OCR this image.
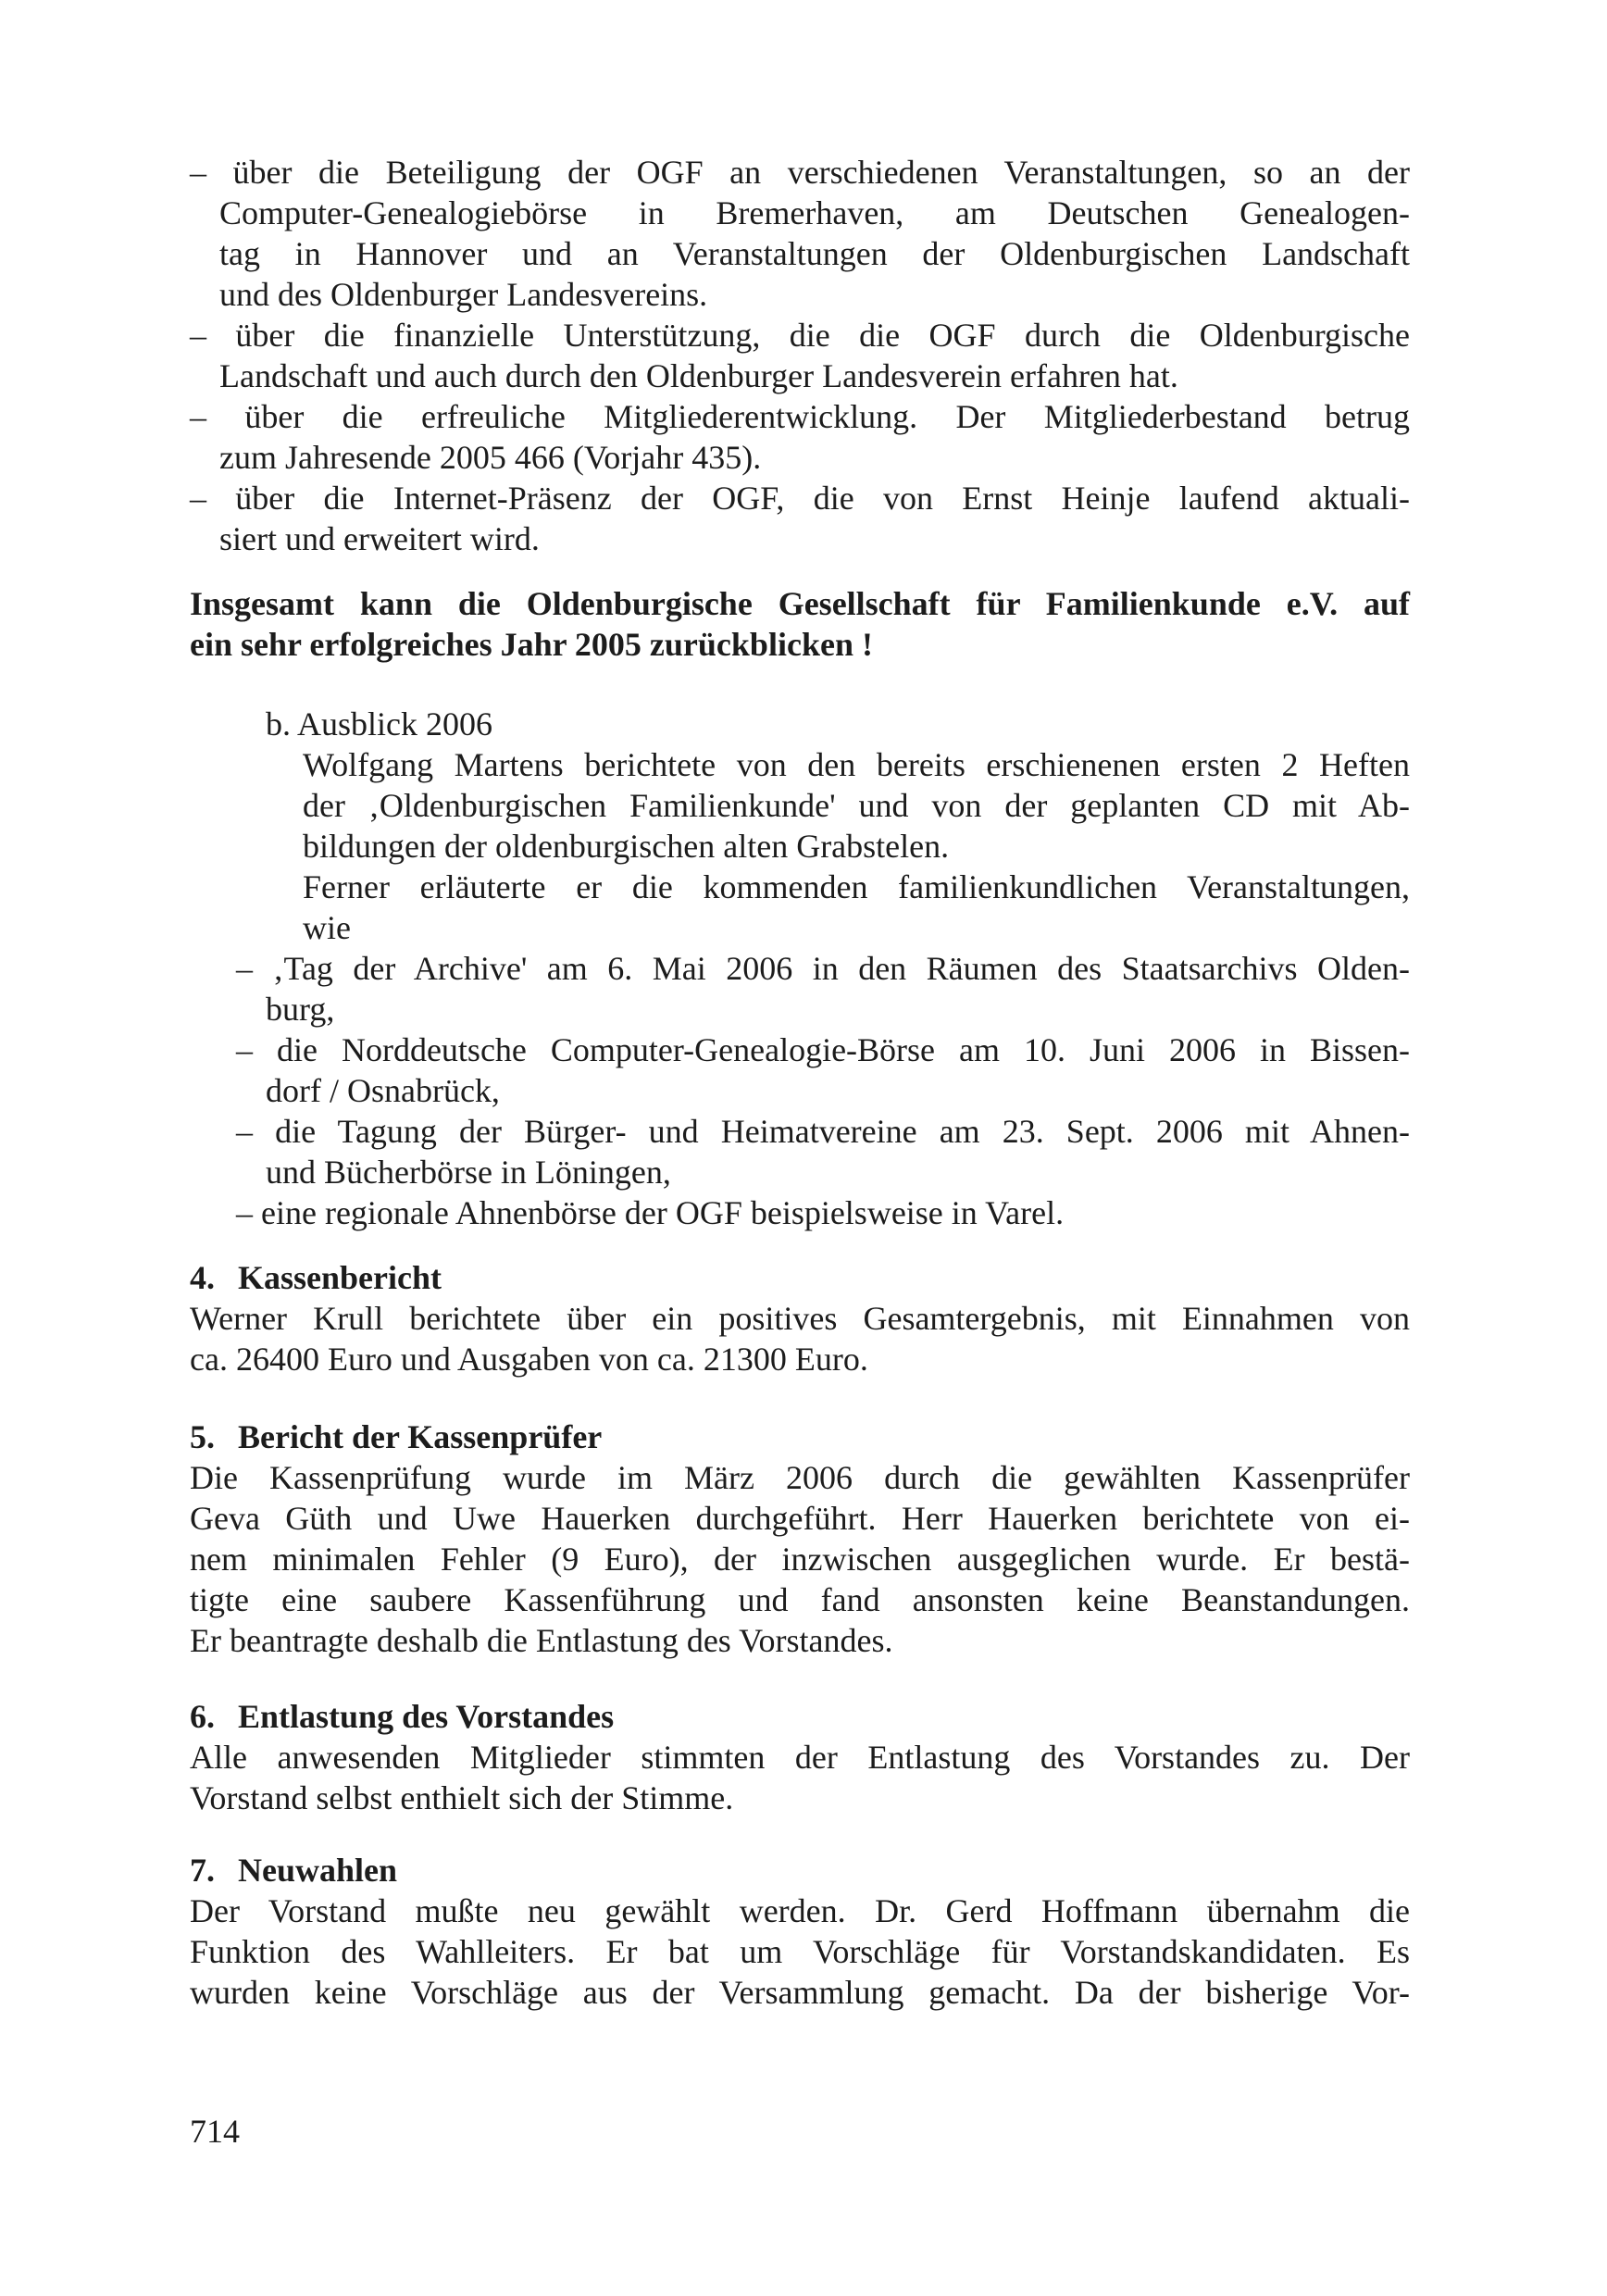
– über die Beteiligung der OGF an verschiedenen Veranstaltungen, so an der
Computer-Genealogiebörse in Bremerhaven, am Deutschen Genealogen-
tag in Hannover und an Veranstaltungen der Oldenburgischen Landschaft
und des Oldenburger Landesvereins.
– über die finanzielle Unterstützung, die die OGF durch die Oldenburgische
Landschaft und auch durch den Oldenburger Landesverein erfahren hat.
– über die erfreuliche Mitgliederentwicklung. Der Mitgliederbestand betrug
zum Jahresende 2005 466 (Vorjahr 435).
– über die Internet-Präsenz der OGF, die von Ernst Heinje laufend aktuali-
siert und erweitert wird.
Insgesamt kann die Oldenburgische Gesellschaft für Familienkunde e.V. auf
ein sehr erfolgreiches Jahr 2005 zurückblicken !
b. Ausblick 2006
Wolfgang Martens berichtete von den bereits erschienenen ersten 2 Heften
der ‚Oldenburgischen Familienkunde' und von der geplanten CD mit Ab-
bildungen der oldenburgischen alten Grabstelen.
Ferner erläuterte er die kommenden familienkundlichen Veranstaltungen,
wie
– ‚Tag der Archive' am 6. Mai 2006 in den Räumen des Staatsarchivs Olden-
burg,
– die Norddeutsche Computer-Genealogie-Börse am 10. Juni 2006 in Bissen-
dorf / Osnabrück,
– die Tagung der Bürger- und Heimatvereine am 23. Sept. 2006 mit Ahnen-
und Bücherbörse in Löningen,
– eine regionale Ahnenbörse der OGF beispielsweise in Varel.
4. Kassenbericht
Werner Krull berichtete über ein positives Gesamtergebnis, mit Einnahmen von
ca. 26400 Euro und Ausgaben von ca. 21300 Euro.
5. Bericht der Kassenprüfer
Die Kassenprüfung wurde im März 2006 durch die gewählten Kassenprüfer
Geva Güth und Uwe Hauerken durchgeführt. Herr Hauerken berichtete von ei-
nem minimalen Fehler (9 Euro), der inzwischen ausgeglichen wurde. Er bestä-
tigte eine saubere Kassenführung und fand ansonsten keine Beanstandungen.
Er beantragte deshalb die Entlastung des Vorstandes.
6. Entlastung des Vorstandes
Alle anwesenden Mitglieder stimmten der Entlastung des Vorstandes zu. Der
Vorstand selbst enthielt sich der Stimme.
7. Neuwahlen
Der Vorstand mußte neu gewählt werden. Dr. Gerd Hoffmann übernahm die
Funktion des Wahlleiters. Er bat um Vorschläge für Vorstandskandidaten. Es
wurden keine Vorschläge aus der Versammlung gemacht. Da der bisherige Vor-
714
